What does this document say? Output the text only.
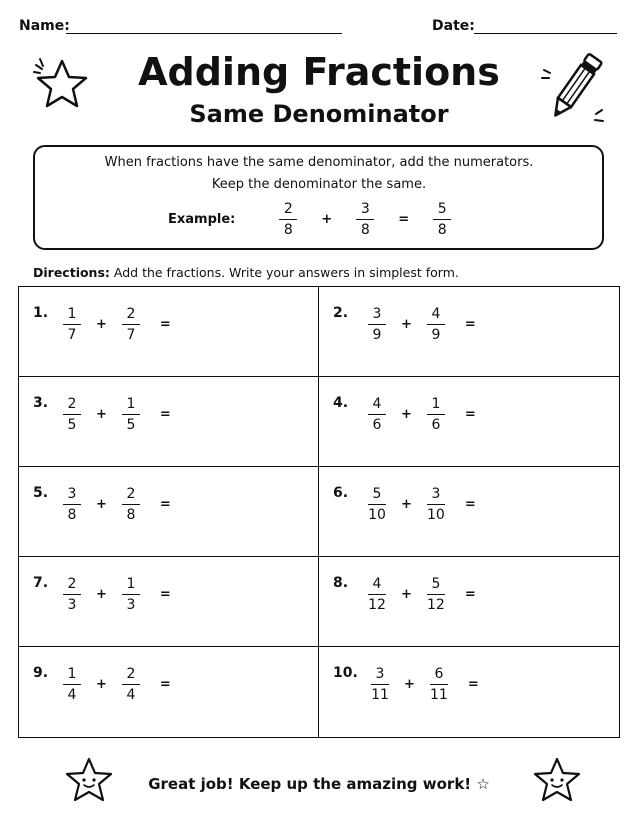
Name:	Date:
Adding Fractions
Same Denominator
When fractions have the same denominator, add the numerators.
Keep the denominator the same.
Example:	$\frac{2}{8} + \frac{3}{8} = \frac{5}{8}$
Directions: Add the fractions. Write your answers in simplest form.
1. $\frac{1}{7} + \frac{2}{7}$ =
2. $\frac{3}{9} + \frac{4}{9}$ =
3. $\frac{2}{5} + \frac{1}{5}$ =
4. $\frac{4}{6} + \frac{1}{6}$ =
5. $\frac{3}{8} + \frac{2}{8}$ =
6. $\frac{5}{10} + \frac{3}{10}$ =
7. $\frac{2}{3} + \frac{1}{3}$ =
8. $\frac{4}{12} + \frac{5}{12}$ =
9. $\frac{1}{4} + \frac{2}{4}$ =
10. $\frac{3}{11} + \frac{6}{11}$ =
Great job! Keep up the amazing work! ☆
